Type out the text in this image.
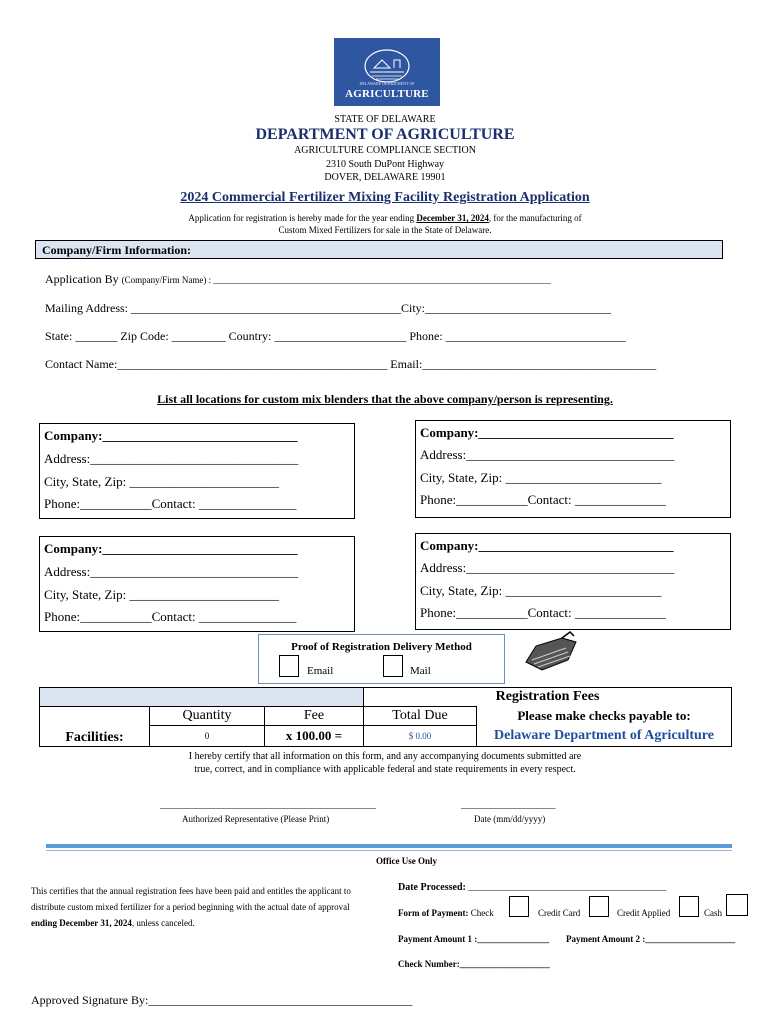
DELAWARE DEPARTMENT OF
AGRICULTURE
STATE OF DELAWARE
DEPARTMENT OF AGRICULTURE
AGRICULTURE COMPLIANCE SECTION
2310 South DuPont Highway
DOVER, DELAWARE 19901
2024 Commercial Fertilizer Mixing Facility Registration Application
Application for registration is hereby made for the year ending December 31, 2024, for the manufacturing of
Custom Mixed Fertilizers for sale in the State of Delaware.
Company/Firm Information:
Application By (Company/Firm Name) : ___________________________________________________________________________
Mailing Address: _____________________________________________City:_______________________________
State: _______ Zip Code: _________ Country: ______________________ Phone: ______________________________
Contact Name:_____________________________________________ Email:_______________________________________
List all locations for custom mix blenders that the above company/person is representing.
Company:______________________________
Address:________________________________
City, State, Zip: _______________________
Phone:___________Contact: _______________
Company:______________________________
Address:________________________________
City, State, Zip: ________________________
Phone:___________Contact: ______________
Company:______________________________
Address:________________________________
City, State, Zip: _______________________
Phone:___________Contact: _______________
Company:______________________________
Address:________________________________
City, State, Zip: ________________________
Phone:___________Contact: ______________
Proof of Registration Delivery Method
Email	Mail
			Registration Fees	
	Quantity	Fee	Total Due	Please make checks payable to:
Facilities:	0	x 100.00 =	$ 0.00	Delaware Department of Agriculture
I hereby certify that all information on this form, and any accompanying documents submitted are
true, correct, and in compliance with applicable federal and state requirements in every respect.
________________________________________________
Authorized Representative (Please Print)
_____________________
Date (mm/dd/yyyy)
Office Use Only
This certifies that the annual registration fees have been paid and entitles the applicant to
distribute custom mixed fertilizer for a period beginning with the actual date of approval
ending December 31, 2024, unless canceled.
Date Processed: ____________________________________________
Form of Payment: Check	Credit Card	Credit Applied	Cash
Payment Amount 1 :________________ Payment Amount 2 :____________________
Check Number:____________________
Approved Signature By:____________________________________________
